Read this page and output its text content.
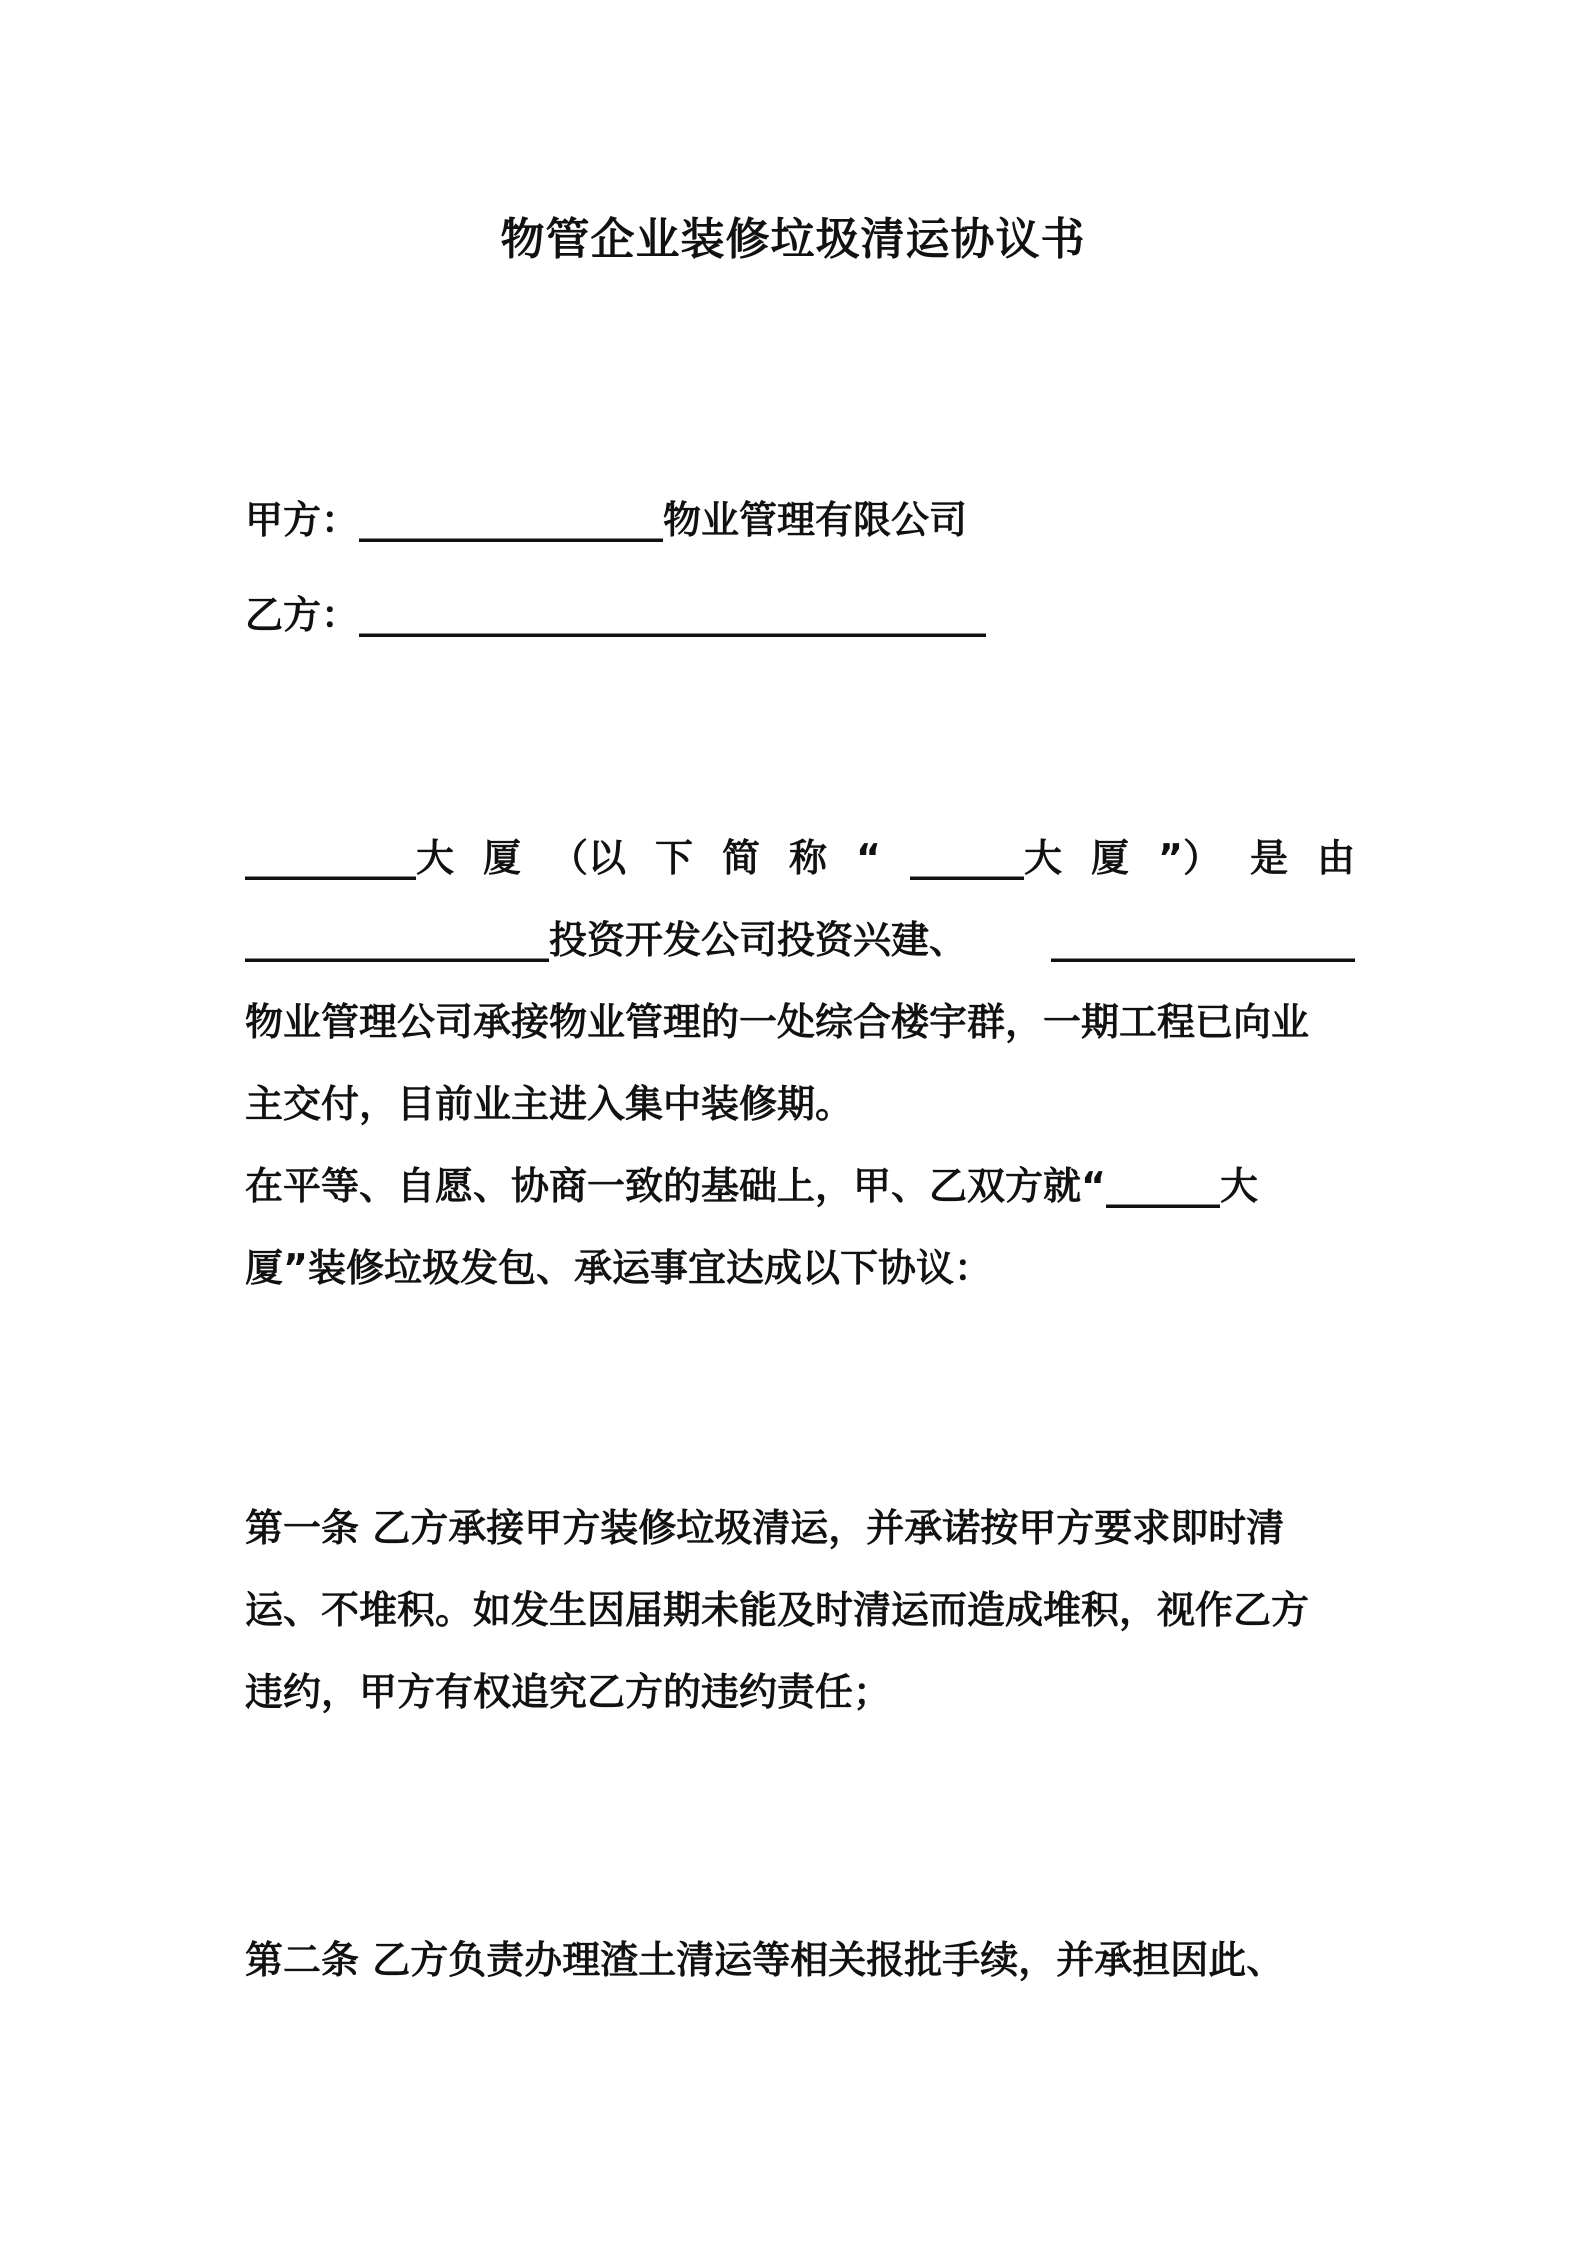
物管企业装修垃圾清运协议书
甲方：________________物业管理有限公司
乙方：_________________________________
_________大 厦 （以 下 简 称 “ ______大 厦 ”） 是 由
________________投资开发公司投资兴建、 ________________
物业管理公司承接物业管理的一处综合楼宇群，一期工程已向业
主交付，目前业主进入集中装修期。
在平等、自愿、协商一致的基础上，甲、乙双方就“______大
厦”装修垃圾发包、承运事宜达成以下协议：
第一条 乙方承接甲方装修垃圾清运，并承诺按甲方要求即时清
运、不堆积。如发生因届期未能及时清运而造成堆积，视作乙方
违约，甲方有权追究乙方的违约责任；
第二条 乙方负责办理渣土清运等相关报批手续，并承担因此、
